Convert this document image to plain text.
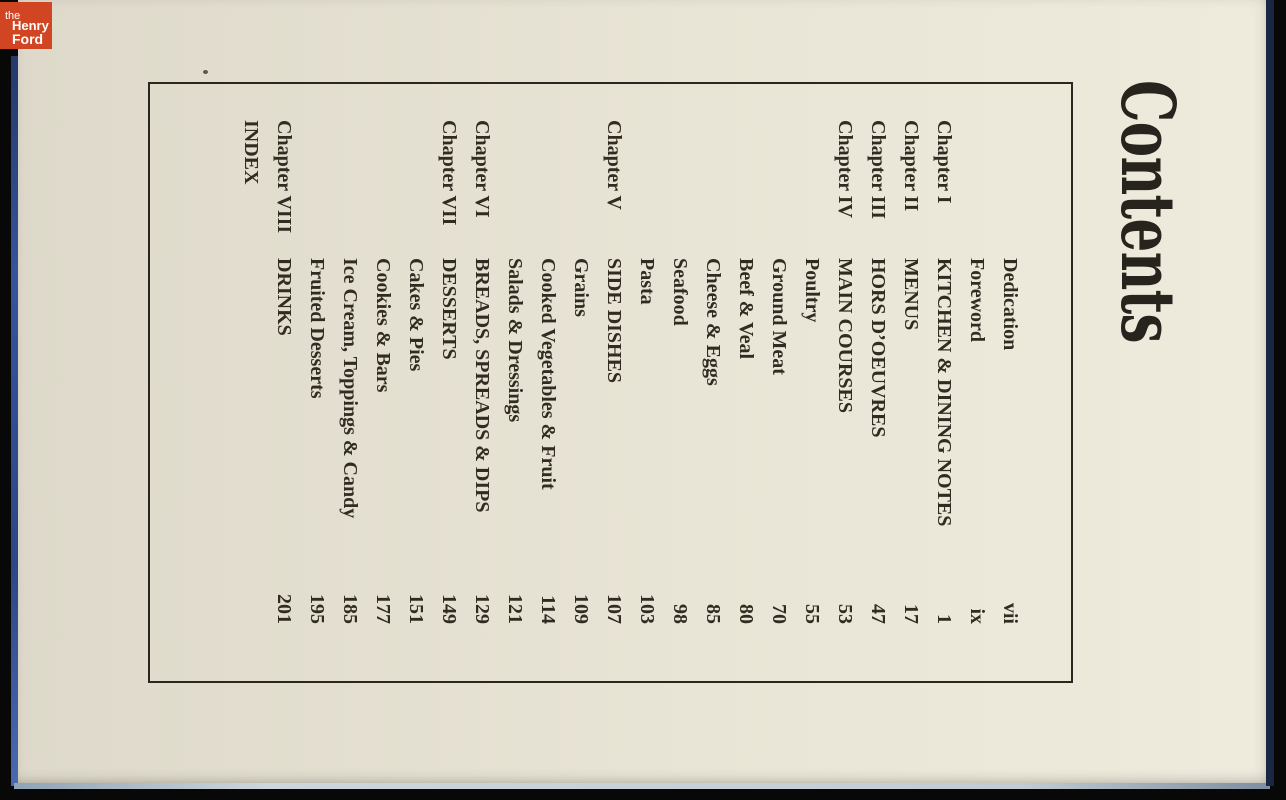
Contents
Dedication
vii
Foreword
ix
Chapter I
KITCHEN & DINING NOTES
1
Chapter II
MENUS
17
Chapter III
HORS D’OEUVRES
47
Chapter IV
MAIN COURSES
53
Poultry
55
Ground Meat
70
Beef & Veal
80
Cheese & Eggs
85
Seafood
98
Pasta
103
Chapter V
SIDE DISHES
107
Grains
109
Cooked Vegetables & Fruit
114
Salads & Dressings
121
Chapter VI
BREADS, SPREADS & DIPS
129
Chapter VII
DESSERTS
149
Cakes & Pies
151
Cookies & Bars
177
Ice Cream, Toppings & Candy
185
Fruited Desserts
195
Chapter VIII
DRINKS
201
INDEX
the
Henry
Ford
